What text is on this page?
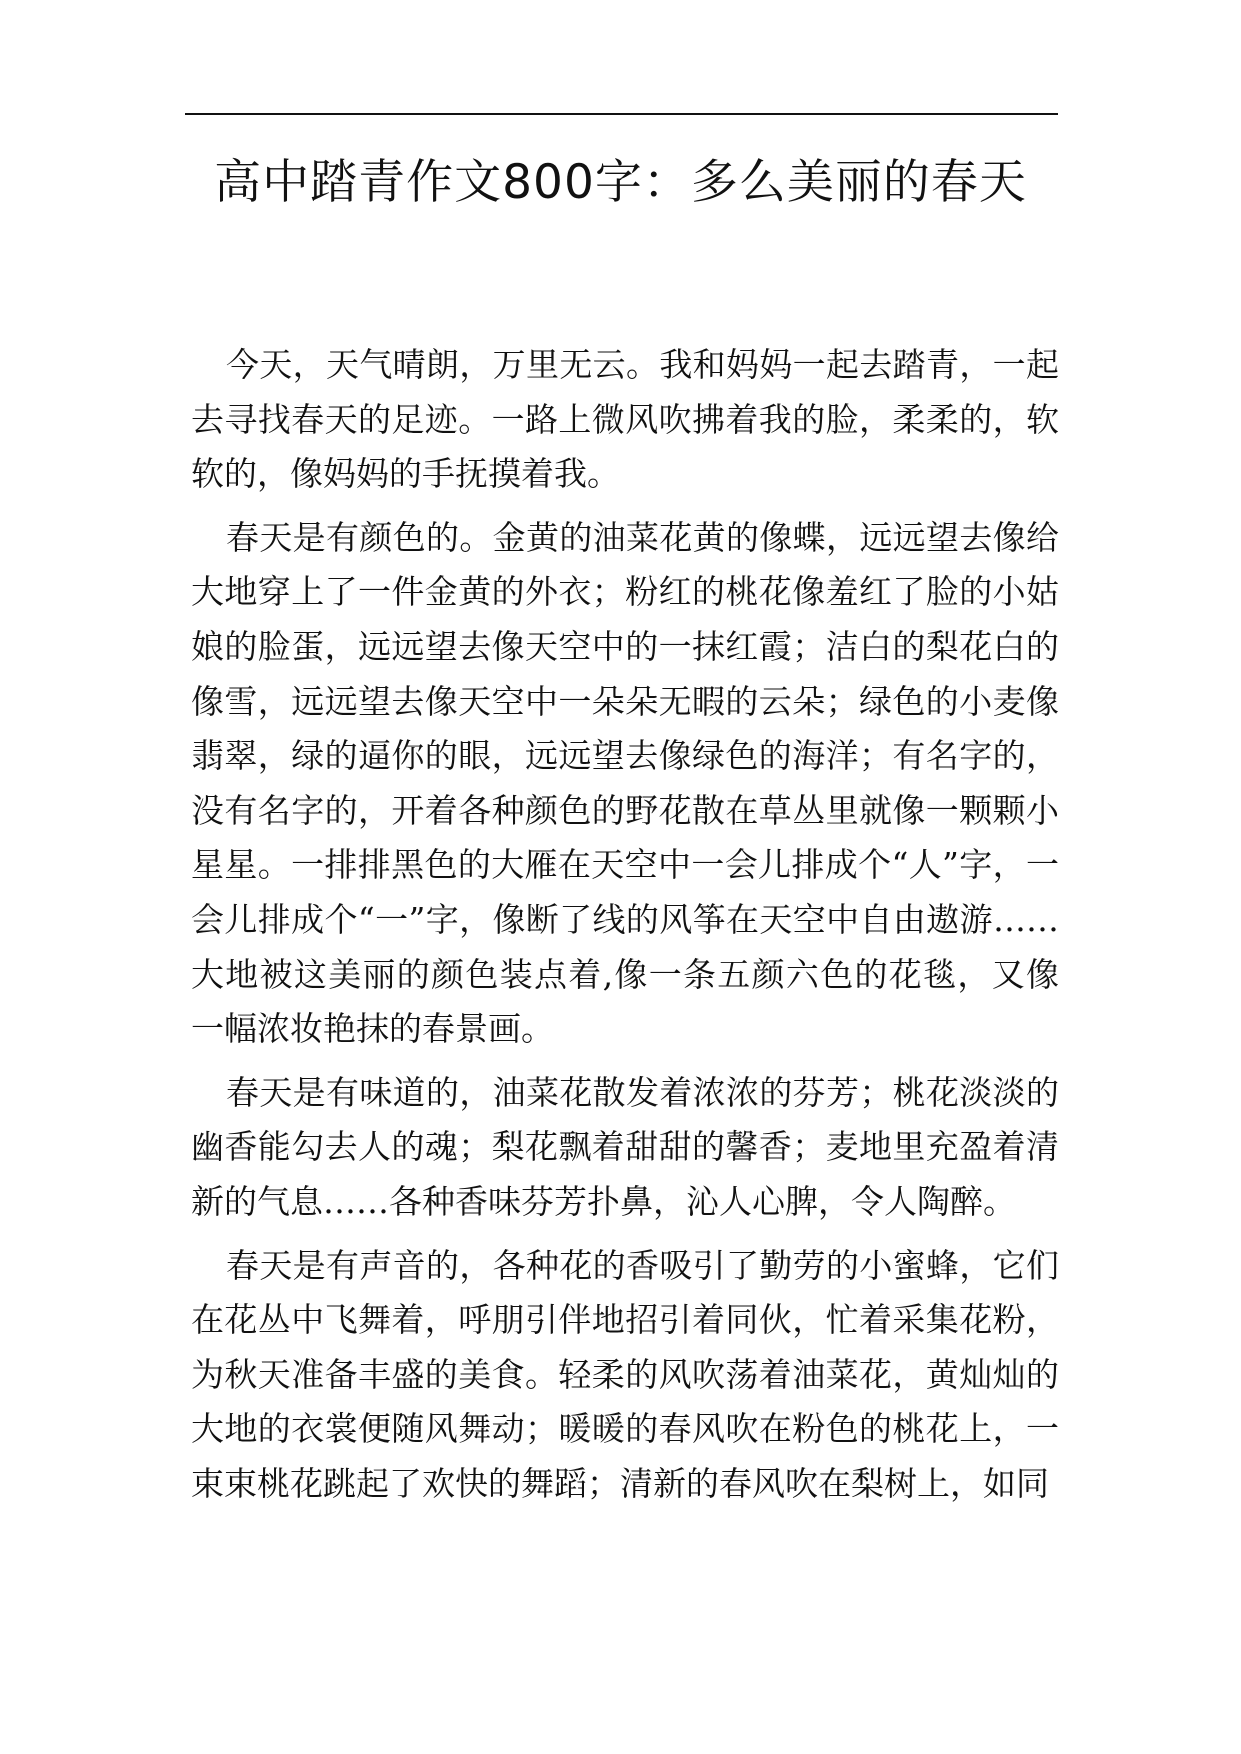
高中踏青作文800字：多么美丽的春天

今天，天气晴朗，万里无云。我和妈妈一起去踏青，一起去寻找春天的足迹。一路上微风吹拂着我的脸，柔柔的，软软的，像妈妈的手抚摸着我。

春天是有颜色的。金黄的油菜花黄的像蝶，远远望去像给大地穿上了一件金黄的外衣；粉红的桃花像羞红了脸的小姑娘的脸蛋，远远望去像天空中的一抹红霞；洁白的梨花白的像雪，远远望去像天空中一朵朵无暇的云朵；绿色的小麦像翡翠，绿的逼你的眼，远远望去像绿色的海洋；有名字的，没有名字的，开着各种颜色的野花散在草丛里就像一颗颗小星星。一排排黑色的大雁在天空中一会儿排成个“人”字，一会儿排成个“一”字，像断了线的风筝在天空中自由遨游……大地被这美丽的颜色装点着,像一条五颜六色的花毯，又像一幅浓妆艳抹的春景画。

春天是有味道的，油菜花散发着浓浓的芬芳；桃花淡淡的幽香能勾去人的魂；梨花飘着甜甜的馨香；麦地里充盈着清新的气息……各种香味芬芳扑鼻，沁人心脾，令人陶醉。

春天是有声音的，各种花的香吸引了勤劳的小蜜蜂，它们在花丛中飞舞着，呼朋引伴地招引着同伙，忙着采集花粉，为秋天准备丰盛的美食。轻柔的风吹荡着油菜花，黄灿灿的大地的衣裳便随风舞动；暖暖的春风吹在粉色的桃花上，一束束桃花跳起了欢快的舞蹈；清新的春风吹在梨树上，如同
